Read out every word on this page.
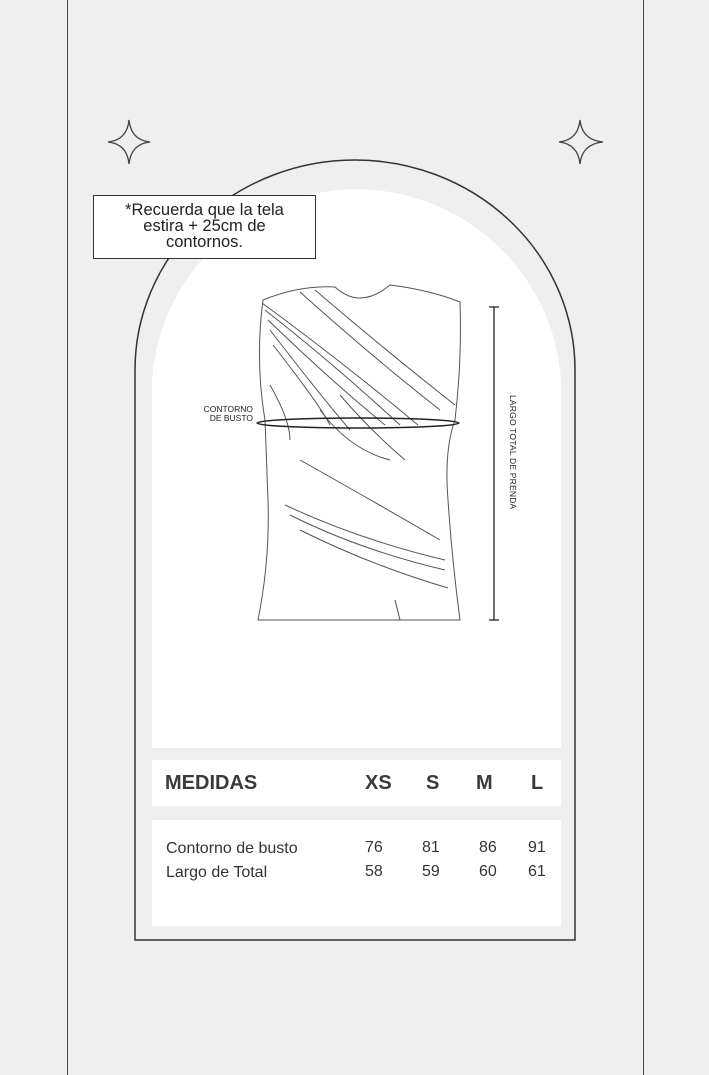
CONTORNO
DE BUSTO	LARGO TOTAL DE PRENDA
*Recuerda que la tela
estira + 25cm de
contornos.
MEDIDAS	XS S M L
Contorno de busto	76 81 86 91
Largo de Total	58 59 60 61
